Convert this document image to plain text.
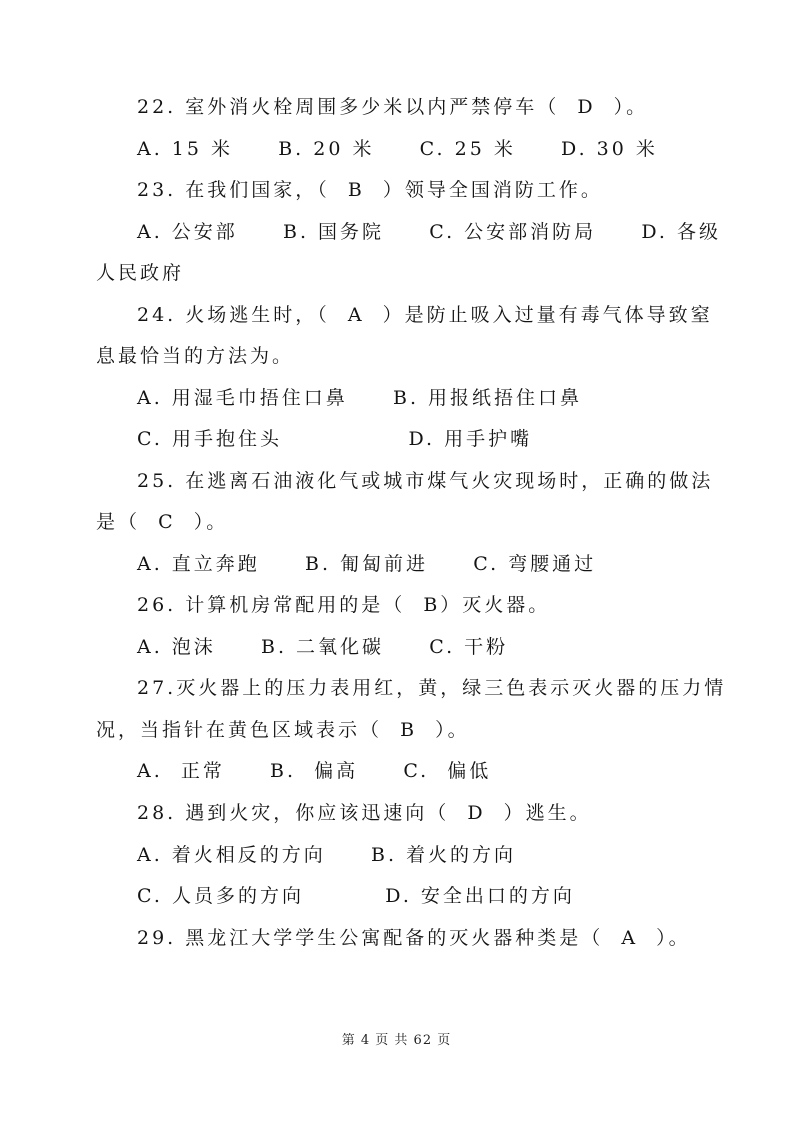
22. 室外消火栓周围多少米以内严禁停车（  D  ）。
A. 15 米     B. 20 米     C. 25 米     D. 30 米
23. 在我们国家，（  B  ）领导全国消防工作。
A. 公安部     B. 国务院     C. 公安部消防局     D. 各级
人民政府
24. 火场逃生时，（  A  ）是防止吸入过量有毒气体导致窒
息最恰当的方法为。
A. 用湿毛巾捂住口鼻     B. 用报纸捂住口鼻
C. 用手抱住头              D. 用手护嘴
25. 在逃离石油液化气或城市煤气火灾现场时，正确的做法
是（  C  ）。
A. 直立奔跑     B. 匍匐前进     C. 弯腰通过
26. 计算机房常配用的是（  B）灭火器。
A. 泡沫     B. 二氧化碳     C. 干粉
27.灭火器上的压力表用红，黄，绿三色表示灭火器的压力情
况，当指针在黄色区域表示（  B  ）。
A.  正常     B.  偏高     C.  偏低
28. 遇到火灾，你应该迅速向（  D  ）逃生。
A. 着火相反的方向     B. 着火的方向
C. 人员多的方向         D. 安全出口的方向
29. 黑龙江大学学生公寓配备的灭火器种类是（  A  ）。
第 4 页 共 62 页
